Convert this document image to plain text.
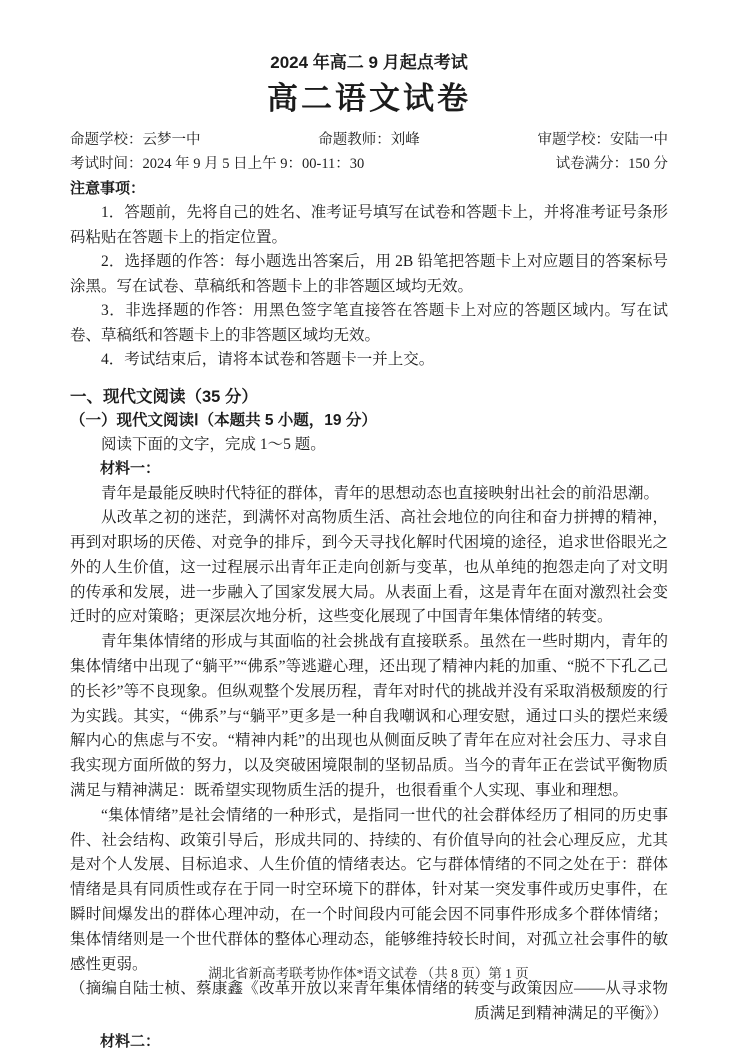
2024 年高二 9 月起点考试
高二语文试卷
命题学校：云梦一中	命题教师：刘峰	审题学校：安陆一中
考试时间：2024 年 9 月 5 日上午 9：00-11：30	试卷满分：150 分
注意事项：

1．答题前，先将自己的姓名、准考证号填写在试卷和答题卡上，并将准考证号条形码粘贴在答题卡上的指定位置。

2．选择题的作答：每小题选出答案后，用 2B 铅笔把答题卡上对应题目的答案标号涂黑。写在试卷、草稿纸和答题卡上的非答题区域均无效。

3．非选择题的作答：用黑色签字笔直接答在答题卡上对应的答题区域内。写在试卷、草稿纸和答题卡上的非答题区域均无效。

4．考试结束后，请将本试卷和答题卡一并上交。

一、现代文阅读（35 分）
（一）现代文阅读Ⅰ（本题共 5 小题，19 分）

阅读下面的文字，完成 1～5 题。

材料一：

青年是最能反映时代特征的群体，青年的思想动态也直接映射出社会的前沿思潮。

从改革之初的迷茫，到满怀对高物质生活、高社会地位的向往和奋力拼搏的精神，再到对职场的厌倦、对竞争的排斥，到今天寻找化解时代困境的途径，追求世俗眼光之外的人生价值，这一过程展示出青年正走向创新与变革，也从单纯的抱怨走向了对文明的传承和发展，进一步融入了国家发展大局。从表面上看，这是青年在面对激烈社会变迁时的应对策略；更深层次地分析，这些变化展现了中国青年集体情绪的转变。

青年集体情绪的形成与其面临的社会挑战有直接联系。虽然在一些时期内，青年的集体情绪中出现了“躺平”“佛系”等逃避心理，还出现了精神内耗的加重、“脱不下孔乙己的长衫”等不良现象。但纵观整个发展历程，青年对时代的挑战并没有采取消极颓废的行为实践。其实，“佛系”与“躺平”更多是一种自我嘲讽和心理安慰，通过口头的摆烂来缓解内心的焦虑与不安。“精神内耗”的出现也从侧面反映了青年在应对社会压力、寻求自我实现方面所做的努力，以及突破困境限制的坚韧品质。当今的青年正在尝试平衡物质满足与精神满足：既希望实现物质生活的提升，也很看重个人实现、事业和理想。

“集体情绪”是社会情绪的一种形式，是指同一世代的社会群体经历了相同的历史事件、社会结构、政策引导后，形成共同的、持续的、有价值导向的社会心理反应，尤其是对个人发展、目标追求、人生价值的情绪表达。它与群体情绪的不同之处在于：群体情绪是具有同质性或存在于同一时空环境下的群体，针对某一突发事件或历史事件，在瞬时间爆发出的群体心理冲动，在一个时间段内可能会因不同事件形成多个群体情绪；集体情绪则是一个世代群体的整体心理动态，能够维持较长时间，对孤立社会事件的敏感性更弱。

（摘编自陆士桢、蔡康鑫《改革开放以来青年集体情绪的转变与政策因应——从寻求物质满足到精神满足的平衡》）

材料二：
湖北省新高考联考协作体*语文试卷 （共 8 页）第 1 页
